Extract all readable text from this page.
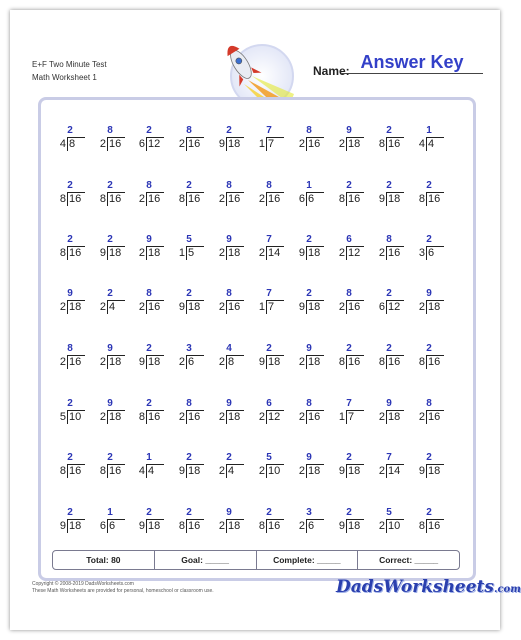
E+F Two Minute Test
Math Worksheet 1
Answer Key
Name:
2
4 8
8
2 16
2
6 12
8
2 16
2
9 18
7
1 7
8
2 16
9
2 18
2
8 16
1
4 4
2
8 16
2
8 16
8
2 16
2
8 16
8
2 16
8
2 16
1
6 6
2
8 16
2
9 18
2
8 16
2
8 16
2
9 18
9
2 18
5
1 5
9
2 18
7
2 14
2
9 18
6
2 12
8
2 16
2
3 6
9
2 18
2
2 4
8
2 16
2
9 18
8
2 16
7
1 7
2
9 18
8
2 16
2
6 12
9
2 18
8
2 16
9
2 18
2
9 18
3
2 6
4
2 8
2
9 18
9
2 18
2
8 16
2
8 16
2
8 16
2
5 10
9
2 18
2
8 16
8
2 16
9
2 18
6
2 12
8
2 16
7
1 7
9
2 18
8
2 16
2
8 16
2
8 16
1
4 4
2
9 18
2
2 4
5
2 10
9
2 18
2
9 18
7
2 14
2
9 18
2
9 18
1
6 6
2
9 18
2
8 16
9
2 18
2
8 16
3
2 6
2
9 18
5
2 10
2
8 16
Total: 80	Goal: _____	Complete: _____	Correct: _____
Copyright © 2008-2019 DadsWorksheets.com
These Math Worksheets are provided for personal, homeschool or classroom use.	DadsWorksheets.com
